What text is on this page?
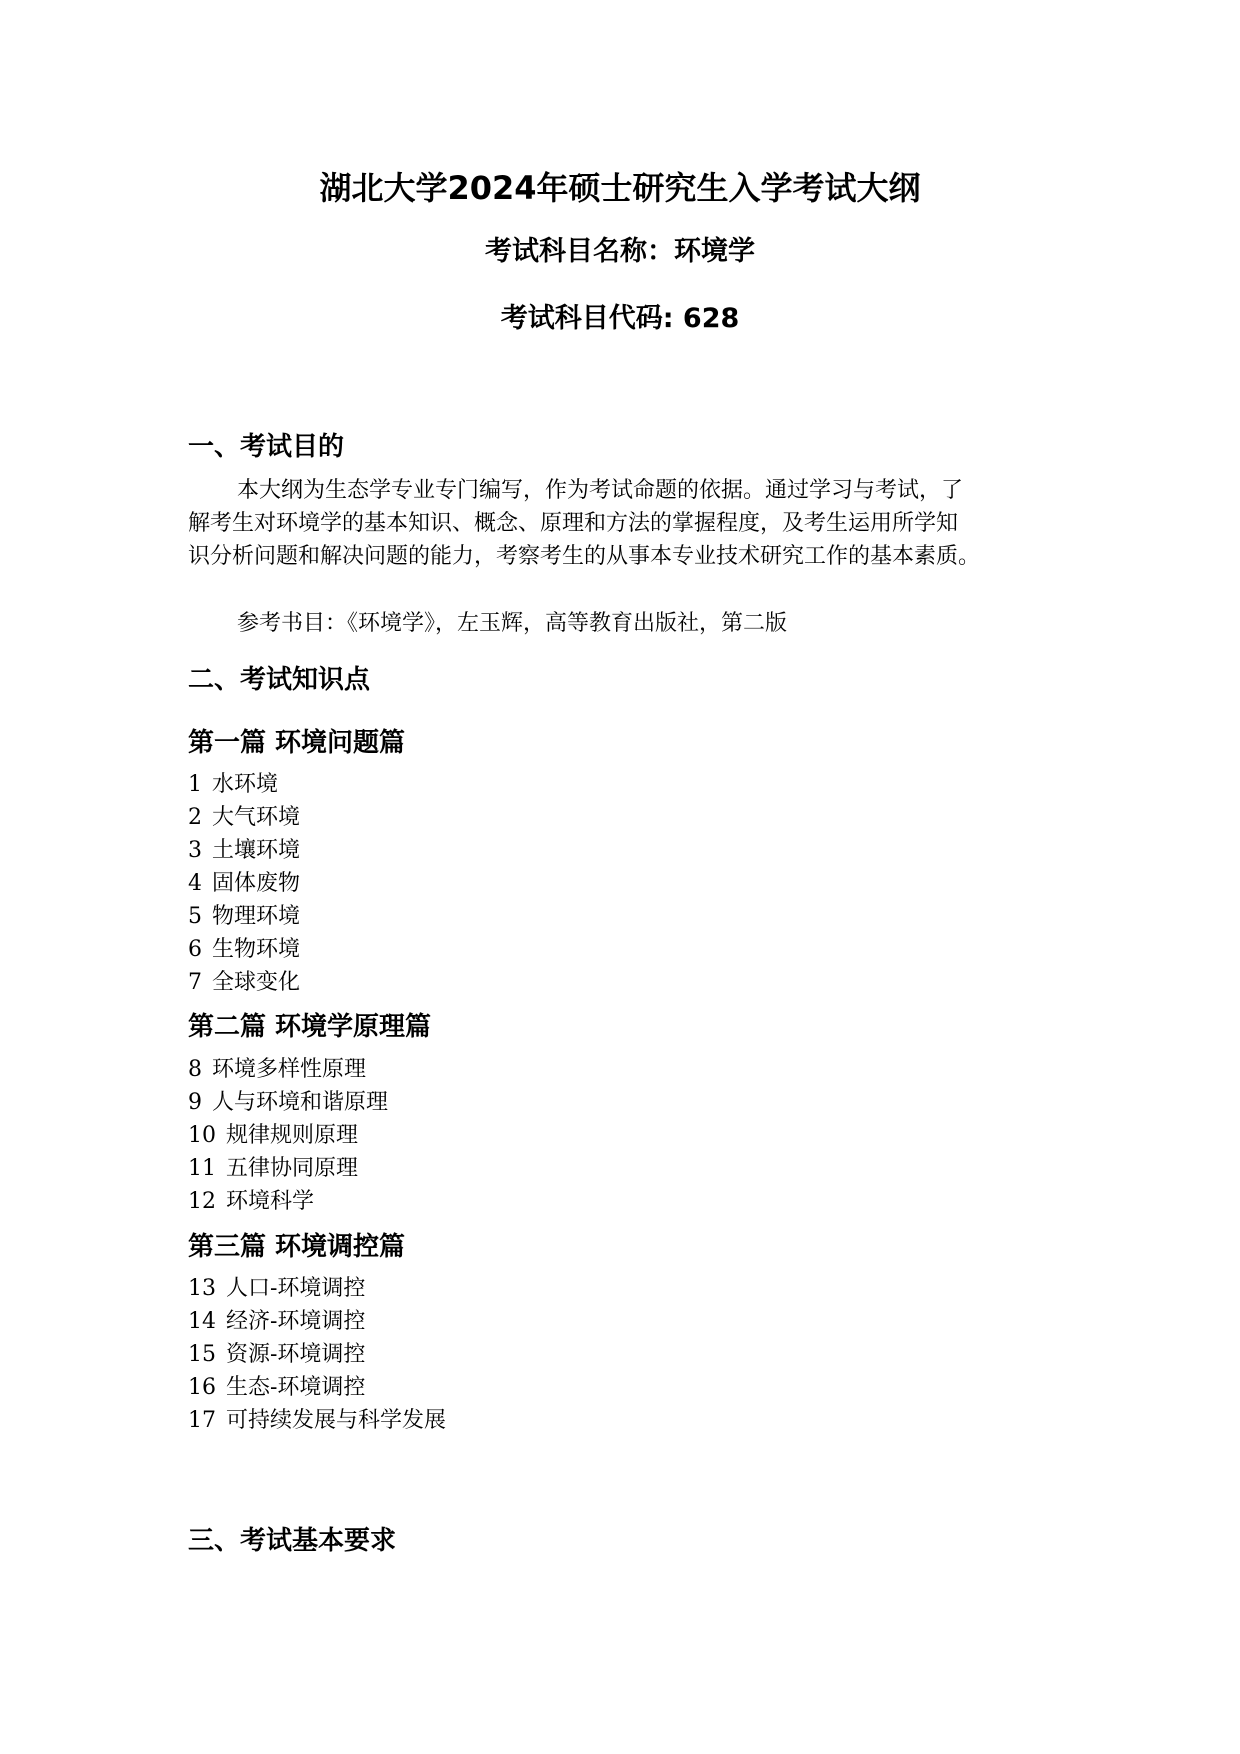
湖北大学2024年硕士研究生入学考试大纲
考试科目名称：环境学
考试科目代码: 628
一、考试目的
本大纲为生态学专业专门编写，作为考试命题的依据。通过学习与考试，了
解考生对环境学的基本知识、概念、原理和方法的掌握程度，及考生运用所学知
识分析问题和解决问题的能力，考察考生的从事本专业技术研究工作的基本素质。
参考书目：《环境学》，左玉辉，高等教育出版社，第二版
二、考试知识点
第一篇 环境问题篇
1 水环境
2 大气环境
3 土壤环境
4 固体废物
5 物理环境
6 生物环境
7 全球变化
第二篇 环境学原理篇
8 环境多样性原理
9 人与环境和谐原理
10 规律规则原理
11 五律协同原理
12 环境科学
第三篇 环境调控篇
13 人口-环境调控
14 经济-环境调控
15 资源-环境调控
16 生态-环境调控
17 可持续发展与科学发展
三、考试基本要求
